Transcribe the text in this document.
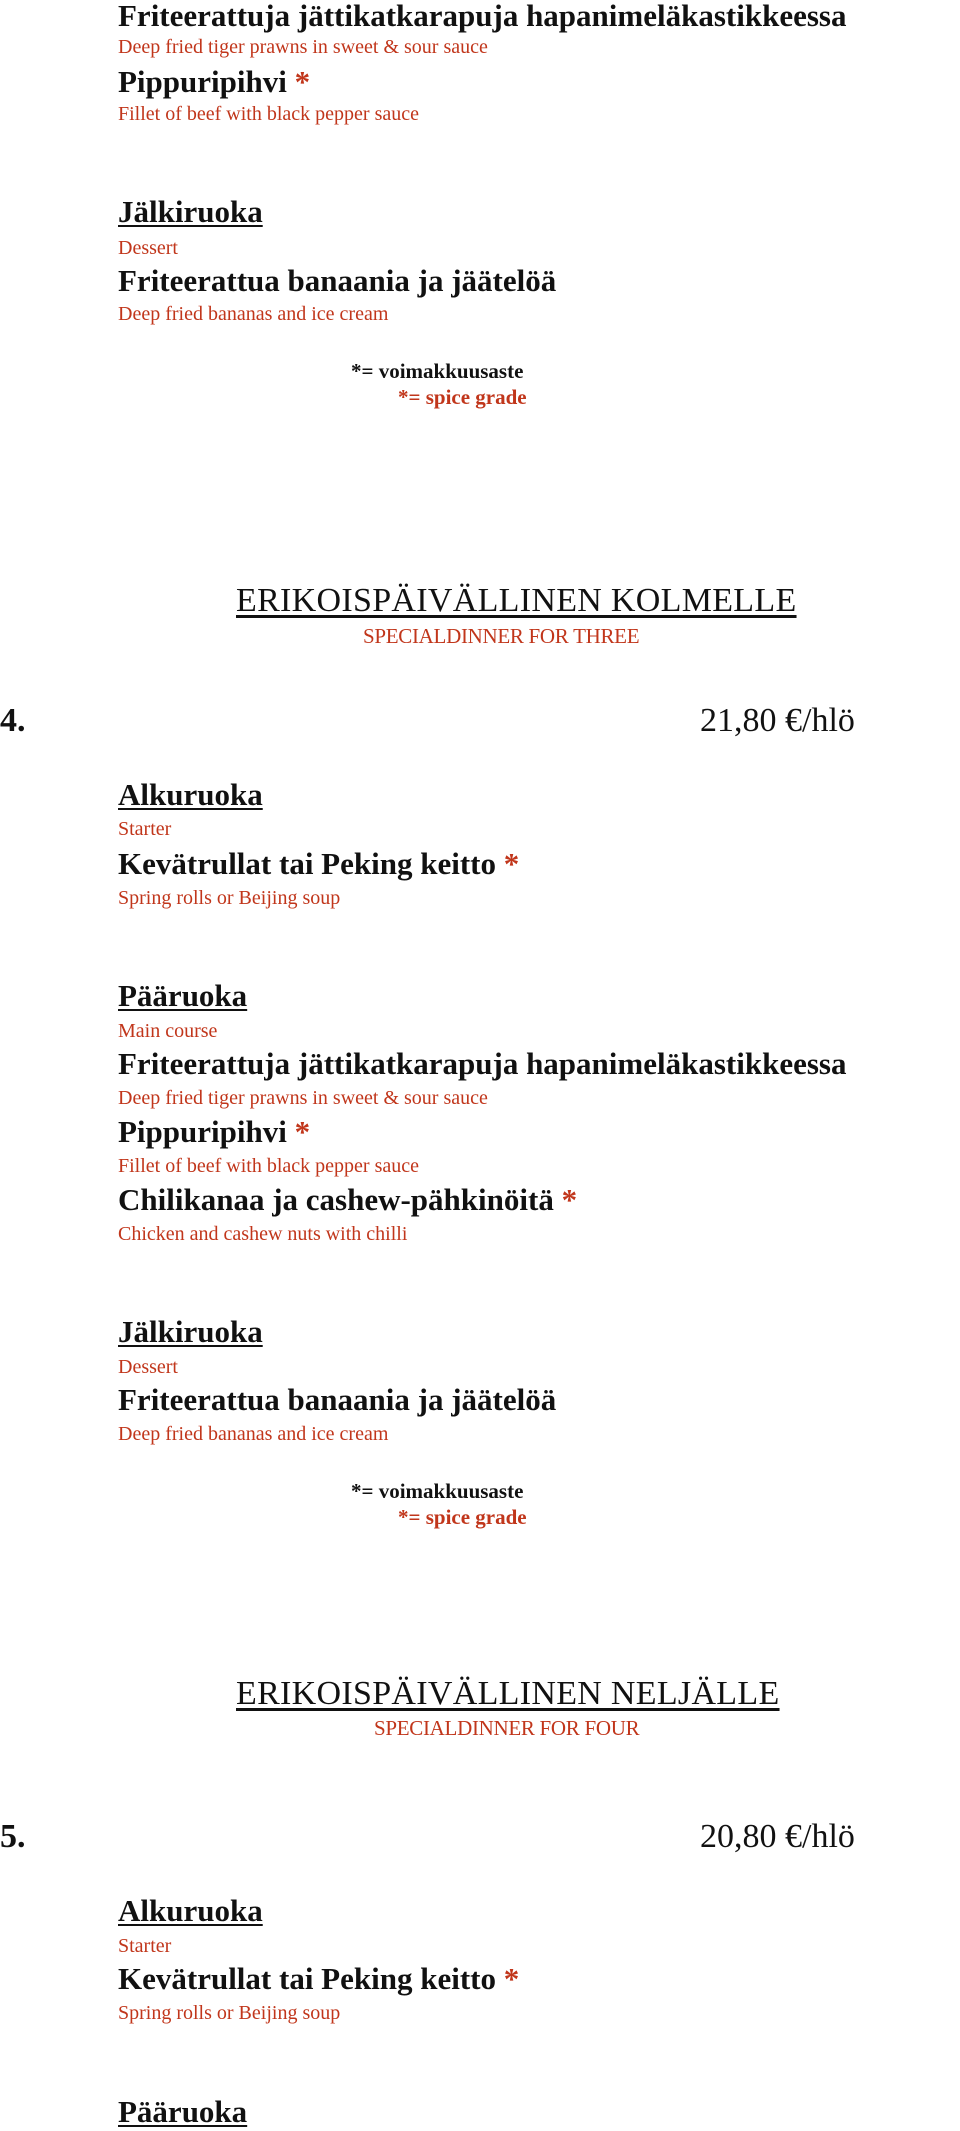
Friteerattuja jättikatkarapuja hapanimeläkastikkeessa
Deep fried tiger prawns in sweet & sour sauce
Pippuripihvi *
Fillet of beef with black pepper sauce
Jälkiruoka
Dessert
Friteerattua banaania ja jäätelöä
Deep fried bananas and ice cream
*= voimakkuusaste
*= spice grade
ERIKOISPÄIVÄLLINEN KOLMELLE
SPECIALDINNER FOR THREE
4.	21,80 €/hlö
Alkuruoka
Starter
Kevätrullat tai Peking keitto *
Spring rolls or Beijing soup
Pääruoka
Main course
Friteerattuja jättikatkarapuja hapanimeläkastikkeessa
Deep fried tiger prawns in sweet & sour sauce
Pippuripihvi *
Fillet of beef with black pepper sauce
Chilikanaa ja cashew-pähkinöitä *
Chicken and cashew nuts with chilli
Jälkiruoka
Dessert
Friteerattua banaania ja jäätelöä
Deep fried bananas and ice cream
*= voimakkuusaste
*= spice grade
ERIKOISPÄIVÄLLINEN NELJÄLLE
SPECIALDINNER FOR FOUR
5.	20,80 €/hlö
Alkuruoka
Starter
Kevätrullat tai Peking keitto *
Spring rolls or Beijing soup
Pääruoka
